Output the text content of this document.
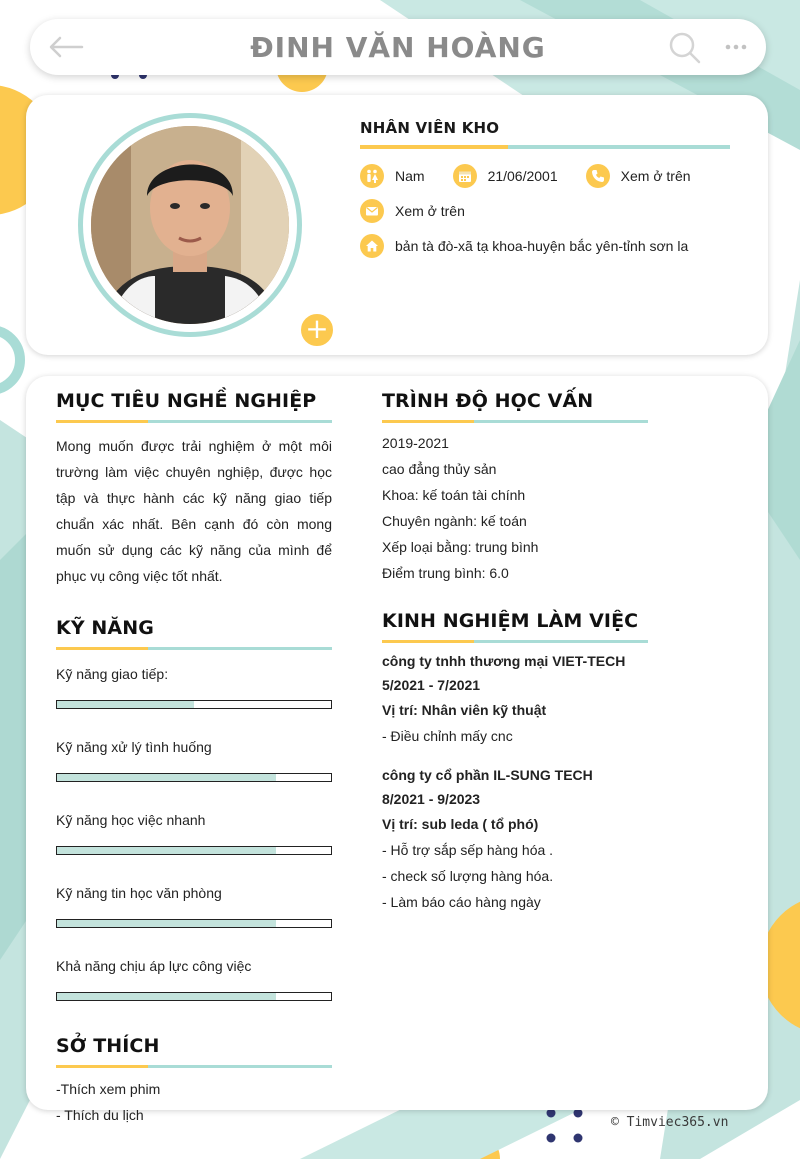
ĐINH VĂN HOÀNG
+
NHÂN VIÊN KHO
Nam	21/06/2001	Xem ở trên
Xem ở trên
bản tà đò-xã tạ khoa-huyện bắc yên-tỉnh sơn la
MỤC TIÊU NGHỀ NGHIỆP
Mong muốn được trải nghiệm ở một môi trường làm việc chuyên nghiệp, được học tập và thực hành các kỹ năng giao tiếp chuẩn xác nhất. Bên cạnh đó còn mong muốn sử dụng các kỹ năng của mình để phục vụ công việc tốt nhất.
KỸ NĂNG
Kỹ năng giao tiếp:
Kỹ năng xử lý tình huống
Kỹ năng học việc nhanh
Kỹ năng tin học văn phòng
Khả năng chịu áp lực công việc
SỞ THÍCH
-Thích xem phim
- Thích du lịch
TRÌNH ĐỘ HỌC VẤN
2019-2021
cao đẳng thủy sản
Khoa: kế toán tài chính
Chuyên ngành: kế toán
Xếp loại bằng: trung bình
Điểm trung bình: 6.0
KINH NGHIỆM LÀM VIỆC
công ty tnhh thương mại VIET-TECH
5/2021 - 7/2021
Vị trí: Nhân viên kỹ thuật
- Điều chỉnh mấy cnc
công ty cổ phần IL-SUNG TECH
8/2021 - 9/2023
Vị trí: sub leda ( tổ phó)
- Hỗ trợ sắp sếp hàng hóa .
- check số lượng hàng hóa.
- Làm báo cáo hàng ngày
© Timviec365.vn
